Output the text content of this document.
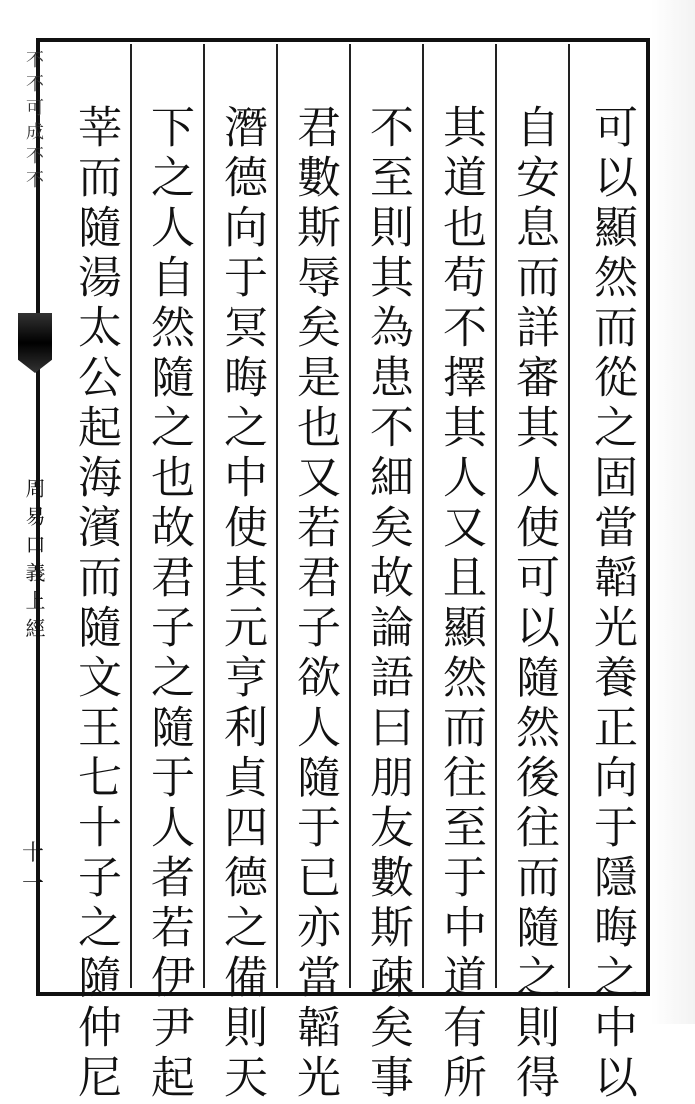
不不可成不不
周易口義上經
十一	可以顯然而從之固當韜光養正向于隱晦之中以
自安息而詳審其人使可以隨然後往而隨之則得
其道也苟不擇其人又且顯然而往至于中道有所
不至則其為患不細矣故論語曰朋友數斯疎矣事
君數斯辱矣是也又若君子欲人隨于已亦當韜光
潛德向于冥晦之中使其元亨利貞四德之備則天
下之人自然隨之也故君子之隨于人者若伊尹起
莘而隨湯太公起海濱而隨文王七十子之隨仲尼
